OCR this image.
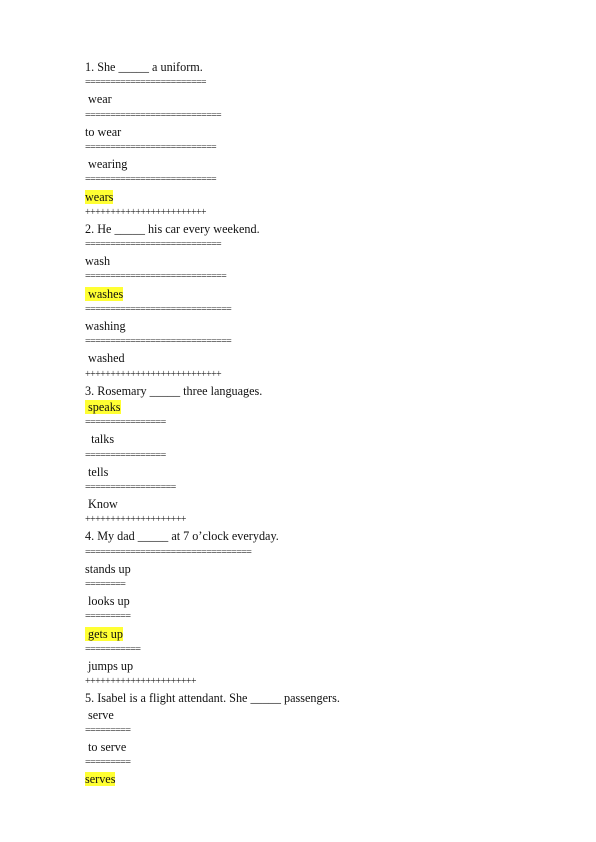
1. She _____ a uniform.
========================
wear
===========================
to wear
==========================
wearing
==========================
wears
++++++++++++++++++++++++
2. He _____ his car every weekend.
===========================
wash
============================
washes
=============================
washing
=============================
washed
+++++++++++++++++++++++++++
3. Rosemary _____ three languages.
speaks
================
talks
================
tells
==================
Know
++++++++++++++++++++
4. My dad _____ at 7 o’clock everyday.
=================================
stands up
========
looks up
=========
gets up
===========
jumps up
++++++++++++++++++++++
5. Isabel is a flight attendant. She _____ passengers.
serve
=========
to serve
=========
serves
